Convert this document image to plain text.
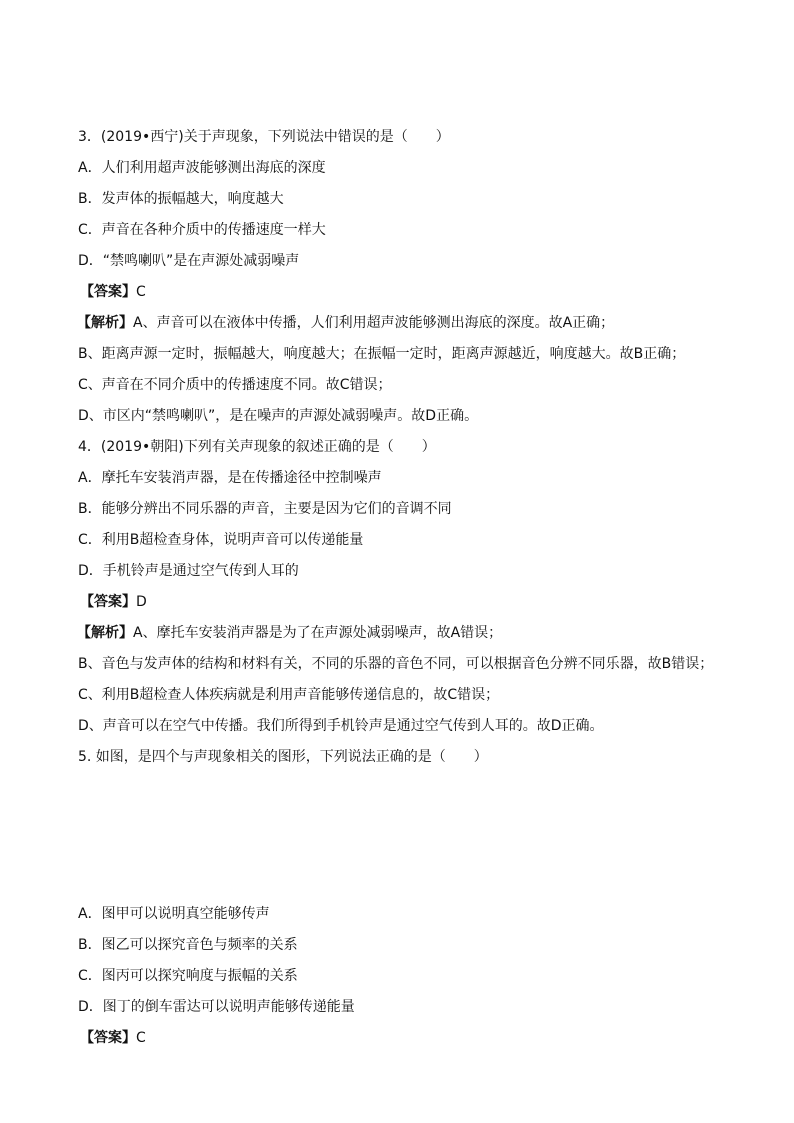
3．(2019•西宁)关于声现象，下列说法中错误的是（　　）
A．人们利用超声波能够测出海底的深度
B．发声体的振幅越大，响度越大
C．声音在各种介质中的传播速度一样大
D．“禁鸣喇叭”是在声源处减弱噪声
【答案】C
【解析】A、声音可以在液体中传播，人们利用超声波能够测出海底的深度。故A正确；
B、距离声源一定时，振幅越大，响度越大；在振幅一定时，距离声源越近，响度越大。故B正确；
C、声音在不同介质中的传播速度不同。故C错误；
D、市区内“禁鸣喇叭”，是在噪声的声源处减弱噪声。故D正确。
4．(2019•朝阳)下列有关声现象的叙述正确的是（　　）
A．摩托车安装消声器，是在传播途径中控制噪声
B．能够分辨出不同乐器的声音，主要是因为它们的音调不同
C．利用B超检查身体，说明声音可以传递能量
D．手机铃声是通过空气传到人耳的
【答案】D
【解析】A、摩托车安装消声器是为了在声源处减弱噪声，故A错误；
B、音色与发声体的结构和材料有关，不同的乐器的音色不同，可以根据音色分辨不同乐器，故B错误；
C、利用B超检查人体疾病就是利用声音能够传递信息的，故C错误；
D、声音可以在空气中传播。我们所得到手机铃声是通过空气传到人耳的。故D正确。
5. 如图，是四个与声现象相关的图形，下列说法正确的是（　　）
A．图甲可以说明真空能够传声
B．图乙可以探究音色与频率的关系
C．图丙可以探究响度与振幅的关系
D．图丁的倒车雷达可以说明声能够传递能量
【答案】C
